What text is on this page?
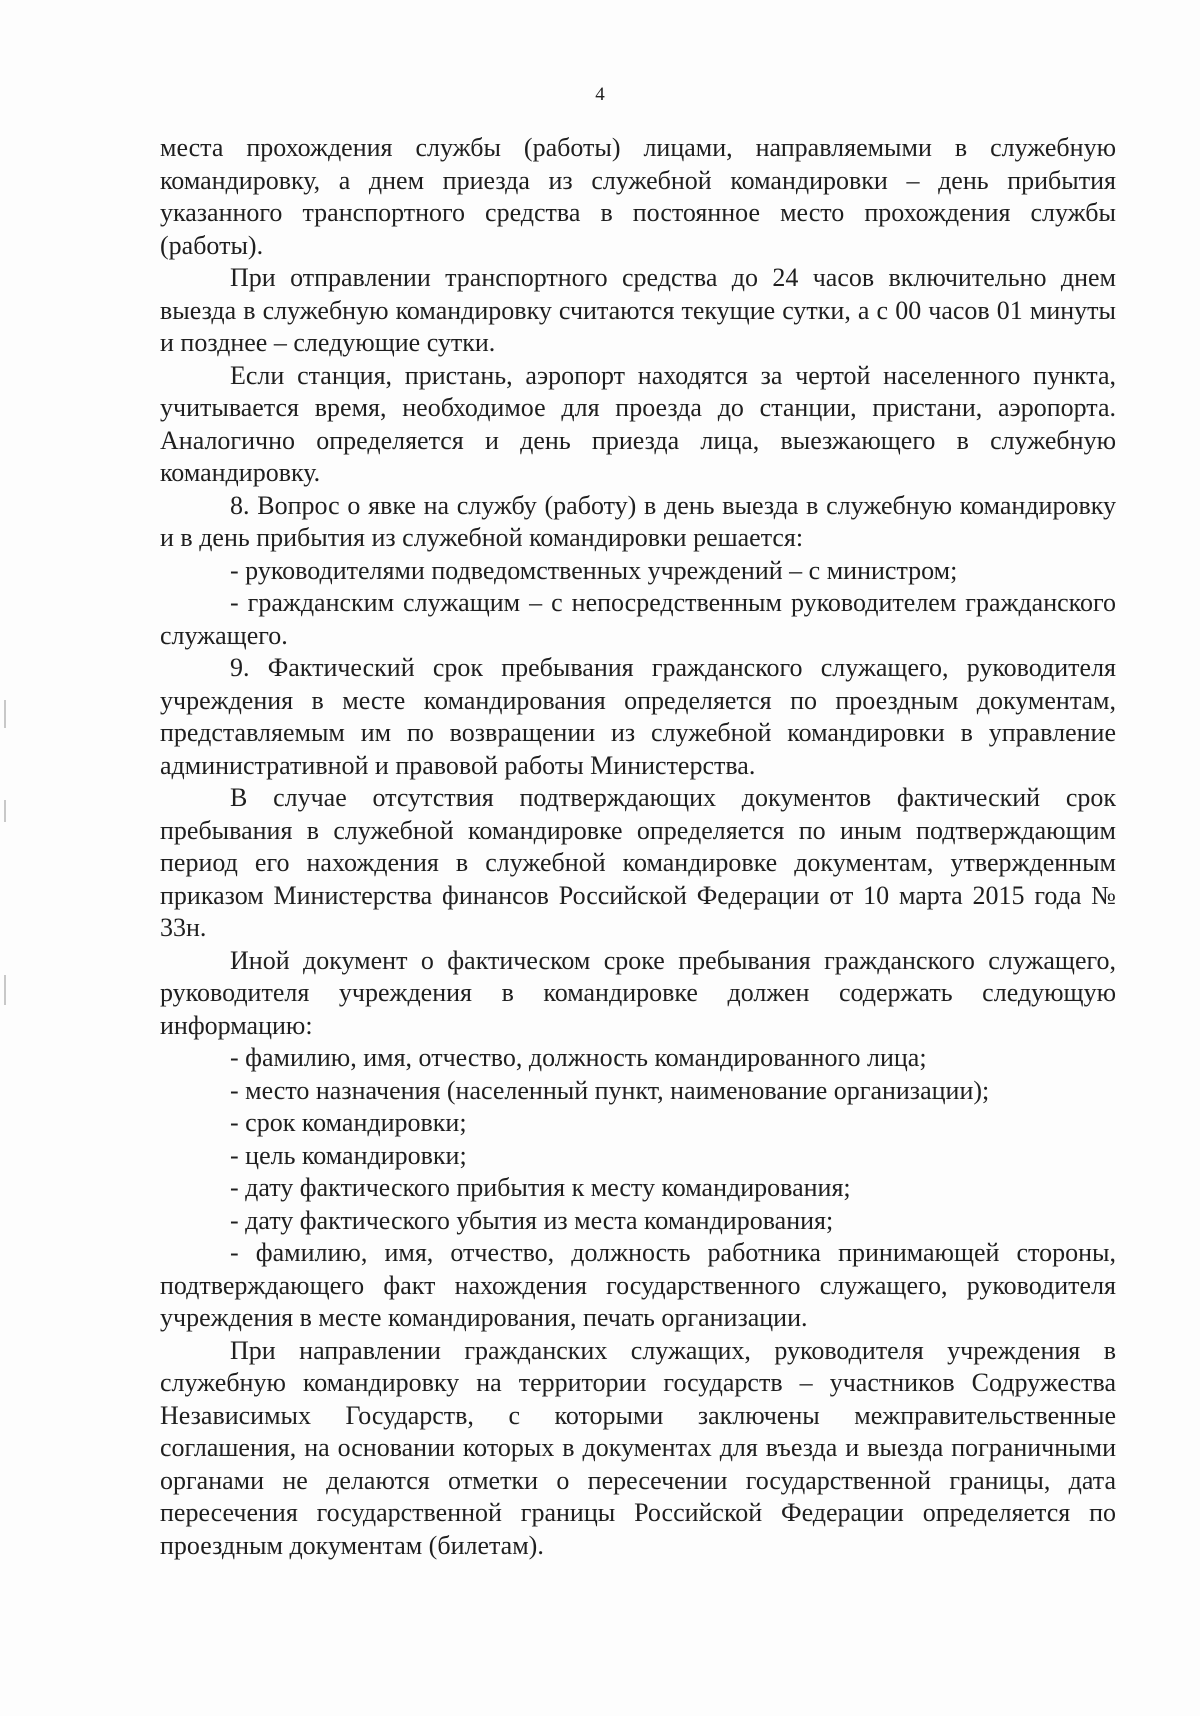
4

места прохождения службы (работы) лицами, направляемыми в служебную командировку, а днем приезда из служебной командировки – день прибытия указанного транспортного средства в постоянное место прохождения службы (работы).

При отправлении транспортного средства до 24 часов включительно днем выезда в служебную командировку считаются текущие сутки, а с 00 часов 01 минуты и позднее – следующие сутки.

Если станция, пристань, аэропорт находятся за чертой населенного пункта, учитывается время, необходимое для проезда до станции, пристани, аэропорта. Аналогично определяется и день приезда лица, выезжающего в служебную командировку.

8. Вопрос о явке на службу (работу) в день выезда в служебную командировку и в день прибытия из служебной командировки решается:

- руководителями подведомственных учреждений – с министром;

- гражданским служащим – с непосредственным руководителем гражданского служащего.

9. Фактический срок пребывания гражданского служащего, руководителя учреждения в месте командирования определяется по проездным документам, представляемым им по возвращении из служебной командировки в управление административной и правовой работы Министерства.

В случае отсутствия подтверждающих документов фактический срок пребывания в служебной командировке определяется по иным подтверждающим период его нахождения в служебной командировке документам, утвержденным приказом Министерства финансов Российской Федерации от 10 марта 2015 года № 33н.

Иной документ о фактическом сроке пребывания гражданского служащего, руководителя учреждения в командировке должен содержать следующую информацию:

- фамилию, имя, отчество, должность командированного лица;

- место назначения (населенный пункт, наименование организации);

- срок командировки;

- цель командировки;

- дату фактического прибытия к месту командирования;

- дату фактического убытия из места командирования;

- фамилию, имя, отчество, должность работника принимающей стороны, подтверждающего факт нахождения государственного служащего, руководителя учреждения в месте командирования, печать организации.

При направлении гражданских служащих, руководителя учреждения в служебную командировку на территории государств – участников Содружества Независимых Государств, с которыми заключены межправительственные соглашения, на основании которых в документах для въезда и выезда пограничными органами не делаются отметки о пересечении государственной границы, дата пересечения государственной границы Российской Федерации определяется по проездным документам (билетам).
